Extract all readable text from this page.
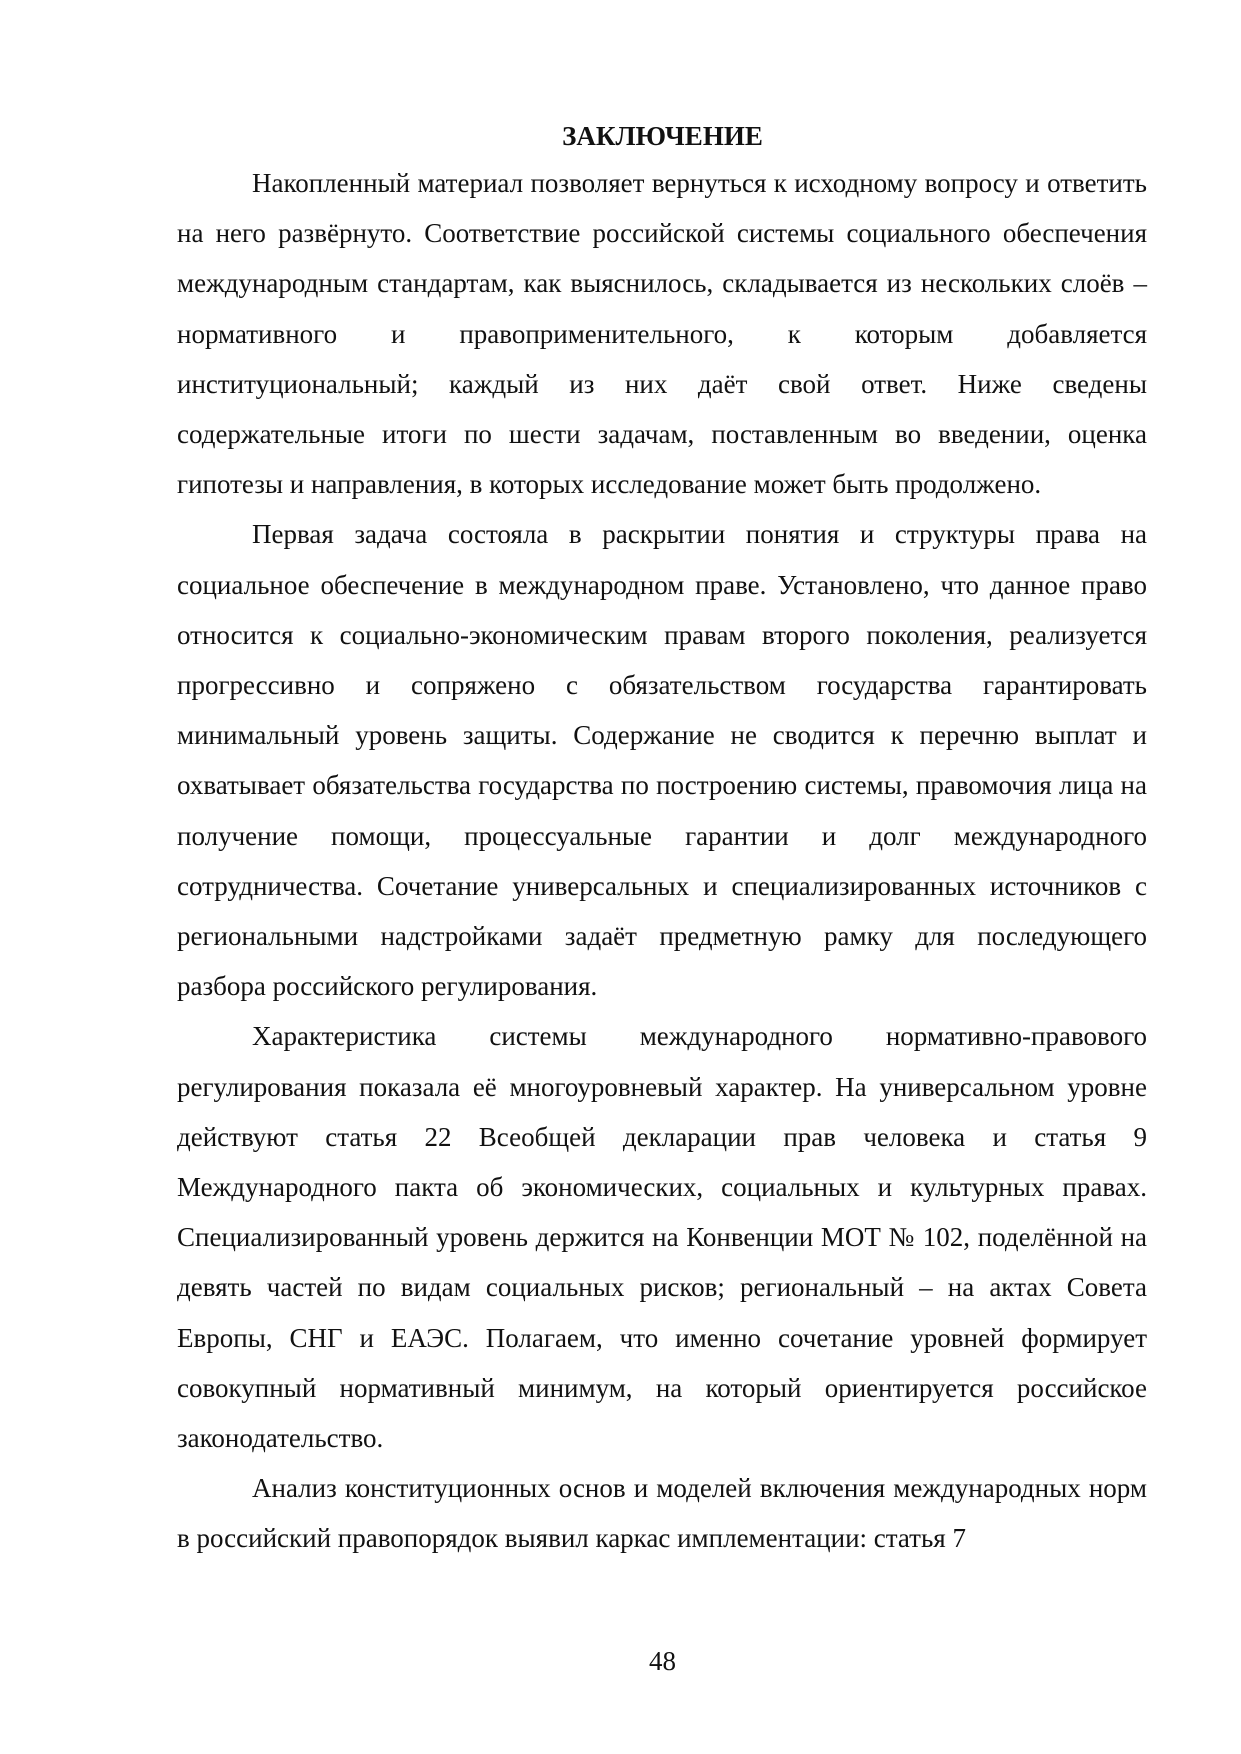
ЗАКЛЮЧЕНИЕ

Накопленный материал позволяет вернуться к исходному вопросу и ответить на него развёрнуто. Соответствие российской системы социального обеспечения международным стандартам, как выяснилось, складывается из нескольких слоёв – нормативного и правоприменительного, к которым добавляется институциональный; каждый из них даёт свой ответ. Ниже сведены содержательные итоги по шести задачам, поставленным во введении, оценка гипотезы и направления, в которых исследование может быть продолжено.

Первая задача состояла в раскрытии понятия и структуры права на социальное обеспечение в международном праве. Установлено, что данное право относится к социально-экономическим правам второго поколения, реализуется прогрессивно и сопряжено с обязательством государства гарантировать минимальный уровень защиты. Содержание не сводится к перечню выплат и охватывает обязательства государства по построению системы, правомочия лица на получение помощи, процессуальные гарантии и долг международного сотрудничества. Сочетание универсальных и специализированных источников с региональными надстройками задаёт предметную рамку для последующего разбора российского регулирования.

Характеристика системы международного нормативно-правового регулирования показала её многоуровневый характер. На универсальном уровне действуют статья 22 Всеобщей декларации прав человека и статья 9 Международного пакта об экономических, социальных и культурных правах. Специализированный уровень держится на Конвенции МОТ № 102, поделённой на девять частей по видам социальных рисков; региональный – на актах Совета Европы, СНГ и ЕАЭС. Полагаем, что именно сочетание уровней формирует совокупный нормативный минимум, на который ориентируется российское законодательство.

Анализ конституционных основ и моделей включения международных норм в российский правопорядок выявил каркас имплементации: статья 7

48
